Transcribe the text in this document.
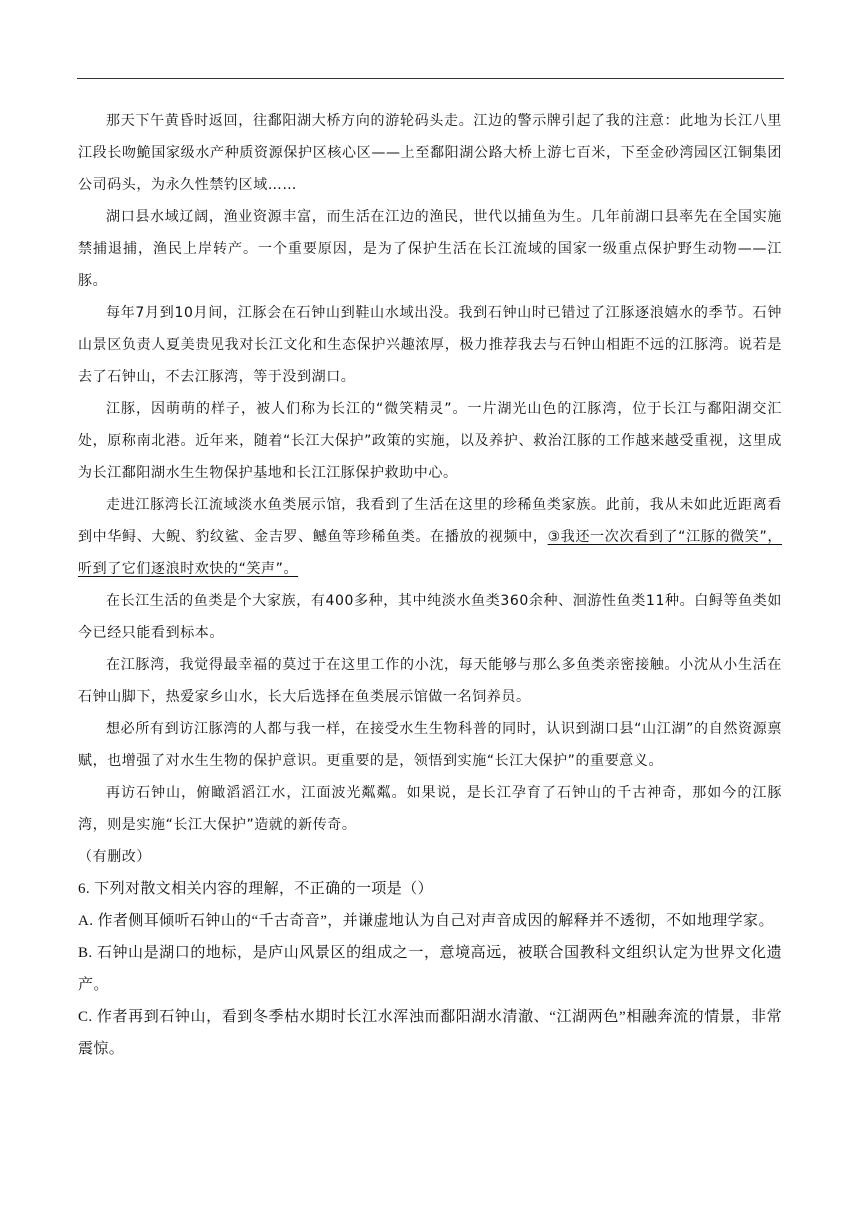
那天下午黄昏时返回，往鄱阳湖大桥方向的游轮码头走。江边的警示牌引起了我的注意：此地为长江八里江段长吻鮠国家级水产种质资源保护区核心区——上至鄱阳湖公路大桥上游七百米，下至金砂湾园区江铜集团公司码头，为永久性禁钓区域……

湖口县水域辽阔，渔业资源丰富，而生活在江边的渔民，世代以捕鱼为生。几年前湖口县率先在全国实施禁捕退捕，渔民上岸转产。一个重要原因，是为了保护生活在长江流域的国家一级重点保护野生动物——江豚。

每年7月到10月间，江豚会在石钟山到鞋山水域出没。我到石钟山时已错过了江豚逐浪嬉水的季节。石钟山景区负责人夏美贵见我对长江文化和生态保护兴趣浓厚，极力推荐我去与石钟山相距不远的江豚湾。说若是去了石钟山，不去江豚湾，等于没到湖口。

江豚，因萌萌的样子，被人们称为长江的“微笑精灵”。一片湖光山色的江豚湾，位于长江与鄱阳湖交汇处，原称南北港。近年来，随着“长江大保护”政策的实施，以及养护、救治江豚的工作越来越受重视，这里成为长江鄱阳湖水生生物保护基地和长江江豚保护救助中心。

走进江豚湾长江流域淡水鱼类展示馆，我看到了生活在这里的珍稀鱼类家族。此前，我从未如此近距离看到中华鲟、大鲵、豹纹鲨、金吉罗、鳡鱼等珍稀鱼类。在播放的视频中，③我还一次次看到了“江豚的微笑”，听到了它们逐浪时欢快的“笑声”。

在长江生活的鱼类是个大家族，有400多种，其中纯淡水鱼类360余种、洄游性鱼类11种。白鲟等鱼类如今已经只能看到标本。

在江豚湾，我觉得最幸福的莫过于在这里工作的小沈，每天能够与那么多鱼类亲密接触。小沈从小生活在石钟山脚下，热爱家乡山水，长大后选择在鱼类展示馆做一名饲养员。

想必所有到访江豚湾的人都与我一样，在接受水生生物科普的同时，认识到湖口县“山江湖”的自然资源禀赋，也增强了对水生生物的保护意识。更重要的是，领悟到实施“长江大保护”的重要意义。

再访石钟山，俯瞰滔滔江水，江面波光粼粼。如果说，是长江孕育了石钟山的千古神奇，那如今的江豚湾，则是实施“长江大保护”造就的新传奇。

（有删改）

6. 下列对散文相关内容的理解，不正确的一项是（）

A. 作者侧耳倾听石钟山的“千古奇音”，并谦虚地认为自己对声音成因的解释并不透彻，不如地理学家。

B. 石钟山是湖口的地标，是庐山风景区的组成之一，意境高远，被联合国教科文组织认定为世界文化遗产。

C. 作者再到石钟山，看到冬季枯水期时长江水浑浊而鄱阳湖水清澈、“江湖两色”相融奔流的情景，非常震惊。
